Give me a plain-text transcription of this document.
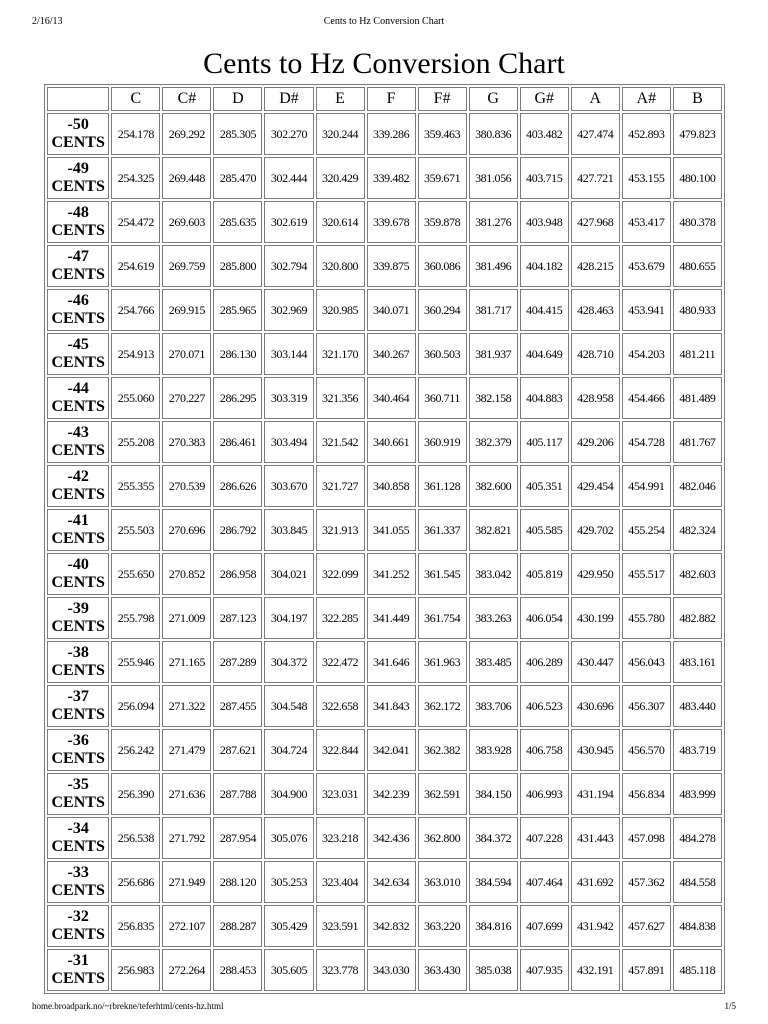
2/16/13	Cents to Hz Conversion Chart
Cents to Hz Conversion Chart
	C	C#	D	D#	E	F	F#	G	G#	A	A#	B
-50
CENTS	254.178	269.292	285.305	302.270	320.244	339.286	359.463	380.836	403.482	427.474	452.893	479.823
-49
CENTS	254.325	269.448	285.470	302.444	320.429	339.482	359.671	381.056	403.715	427.721	453.155	480.100
-48
CENTS	254.472	269.603	285.635	302.619	320.614	339.678	359.878	381.276	403.948	427.968	453.417	480.378
-47
CENTS	254.619	269.759	285.800	302.794	320.800	339.875	360.086	381.496	404.182	428.215	453.679	480.655
-46
CENTS	254.766	269.915	285.965	302.969	320.985	340.071	360.294	381.717	404.415	428.463	453.941	480.933
-45
CENTS	254.913	270.071	286.130	303.144	321.170	340.267	360.503	381.937	404.649	428.710	454.203	481.211
-44
CENTS	255.060	270.227	286.295	303.319	321.356	340.464	360.711	382.158	404.883	428.958	454.466	481.489
-43
CENTS	255.208	270.383	286.461	303.494	321.542	340.661	360.919	382.379	405.117	429.206	454.728	481.767
-42
CENTS	255.355	270.539	286.626	303.670	321.727	340.858	361.128	382.600	405.351	429.454	454.991	482.046
-41
CENTS	255.503	270.696	286.792	303.845	321.913	341.055	361.337	382.821	405.585	429.702	455.254	482.324
-40
CENTS	255.650	270.852	286.958	304.021	322.099	341.252	361.545	383.042	405.819	429.950	455.517	482.603
-39
CENTS	255.798	271.009	287.123	304.197	322.285	341.449	361.754	383.263	406.054	430.199	455.780	482.882
-38
CENTS	255.946	271.165	287.289	304.372	322.472	341.646	361.963	383.485	406.289	430.447	456.043	483.161
-37
CENTS	256.094	271.322	287.455	304.548	322.658	341.843	362.172	383.706	406.523	430.696	456.307	483.440
-36
CENTS	256.242	271.479	287.621	304.724	322.844	342.041	362.382	383.928	406.758	430.945	456.570	483.719
-35
CENTS	256.390	271.636	287.788	304.900	323.031	342.239	362.591	384.150	406.993	431.194	456.834	483.999
-34
CENTS	256.538	271.792	287.954	305.076	323.218	342.436	362.800	384.372	407.228	431.443	457.098	484.278
-33
CENTS	256.686	271.949	288.120	305.253	323.404	342.634	363.010	384.594	407.464	431.692	457.362	484.558
-32
CENTS	256.835	272.107	288.287	305.429	323.591	342.832	363.220	384.816	407.699	431.942	457.627	484.838
-31
CENTS	256.983	272.264	288.453	305.605	323.778	343.030	363.430	385.038	407.935	432.191	457.891	485.118
home.broadpark.no/~rbrekne/teferhtml/cents-hz.html	1/5
